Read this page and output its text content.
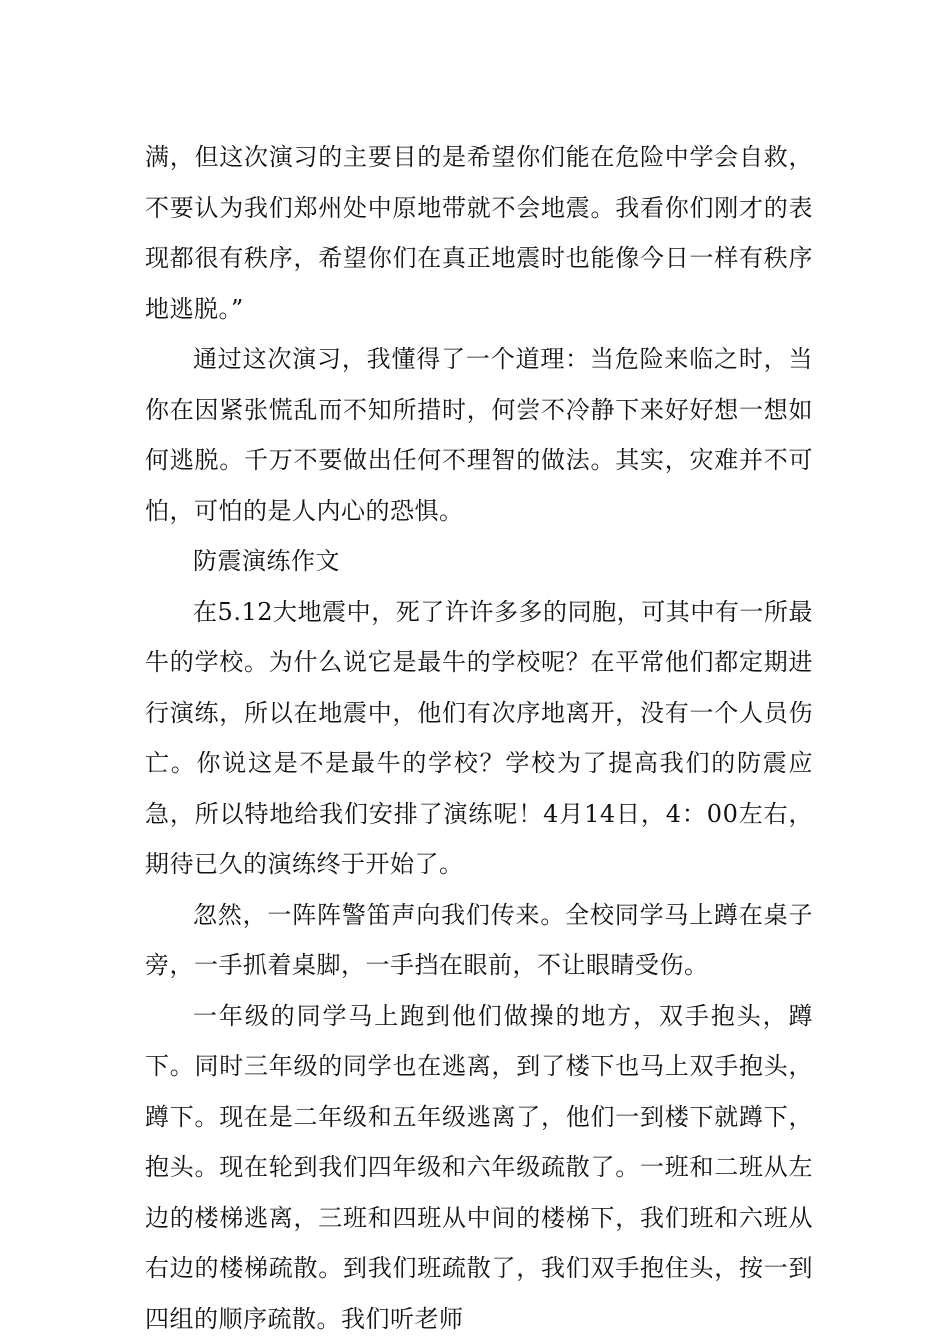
满，但这次演习的主要目的是希望你们能在危险中学会自救，不要认为我们郑州处中原地带就不会地震。我看你们刚才的表现都很有秩序，希望你们在真正地震时也能像今日一样有秩序地逃脱。”

通过这次演习，我懂得了一个道理：当危险来临之时，当你在因紧张慌乱而不知所措时，何尝不冷静下来好好想一想如何逃脱。千万不要做出任何不理智的做法。其实，灾难并不可怕，可怕的是人内心的恐惧。

防震演练作文

在5.12大地震中，死了许许多多的同胞，可其中有一所最牛的学校。为什么说它是最牛的学校呢？在平常他们都定期进行演练，所以在地震中，他们有次序地离开，没有一个人员伤亡。你说这是不是最牛的学校？学校为了提高我们的防震应急，所以特地给我们安排了演练呢！4月14日，4：00左右，期待已久的演练终于开始了。

忽然，一阵阵警笛声向我们传来。全校同学马上蹲在桌子旁，一手抓着桌脚，一手挡在眼前，不让眼睛受伤。

一年级的同学马上跑到他们做操的地方，双手抱头，蹲下。同时三年级的同学也在逃离，到了楼下也马上双手抱头，蹲下。现在是二年级和五年级逃离了，他们一到楼下就蹲下，抱头。现在轮到我们四年级和六年级疏散了。一班和二班从左边的楼梯逃离，三班和四班从中间的楼梯下，我们班和六班从右边的楼梯疏散。到我们班疏散了，我们双手抱住头，按一到四组的顺序疏散。我们听老师
